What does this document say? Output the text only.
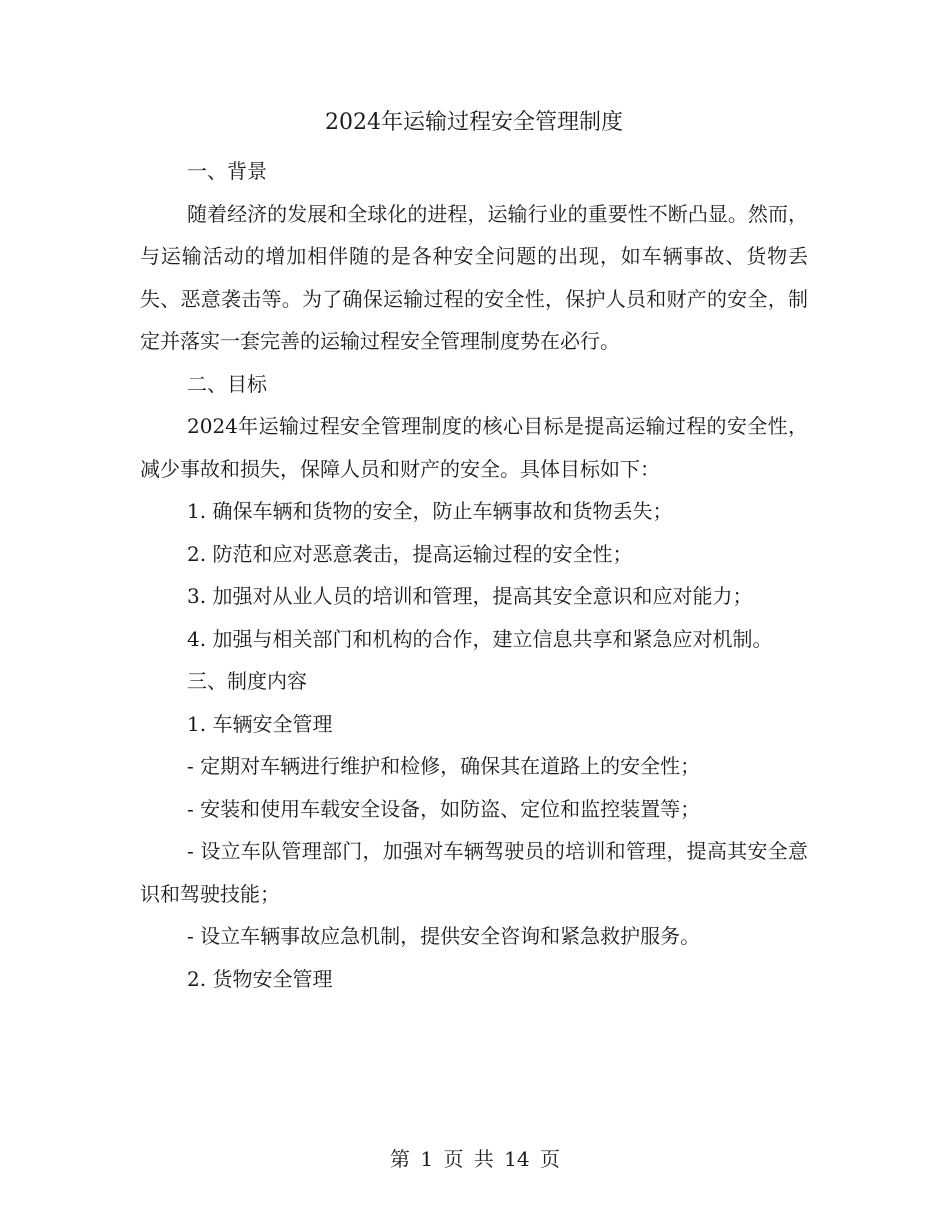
2024年运输过程安全管理制度

一、背景

随着经济的发展和全球化的进程，运输行业的重要性不断凸显。然而，与运输活动的增加相伴随的是各种安全问题的出现，如车辆事故、货物丢失、恶意袭击等。为了确保运输过程的安全性，保护人员和财产的安全，制定并落实一套完善的运输过程安全管理制度势在必行。

二、目标

2024年运输过程安全管理制度的核心目标是提高运输过程的安全性，减少事故和损失，保障人员和财产的安全。具体目标如下：

1. 确保车辆和货物的安全，防止车辆事故和货物丢失；

2. 防范和应对恶意袭击，提高运输过程的安全性；

3. 加强对从业人员的培训和管理，提高其安全意识和应对能力；

4. 加强与相关部门和机构的合作，建立信息共享和紧急应对机制。

三、制度内容

1. 车辆安全管理

- 定期对车辆进行维护和检修，确保其在道路上的安全性；

- 安装和使用车载安全设备，如防盗、定位和监控装置等；

- 设立车队管理部门，加强对车辆驾驶员的培训和管理，提高其安全意识和驾驶技能；

- 设立车辆事故应急机制，提供安全咨询和紧急救护服务。

2. 货物安全管理

第 1 页 共 14 页
